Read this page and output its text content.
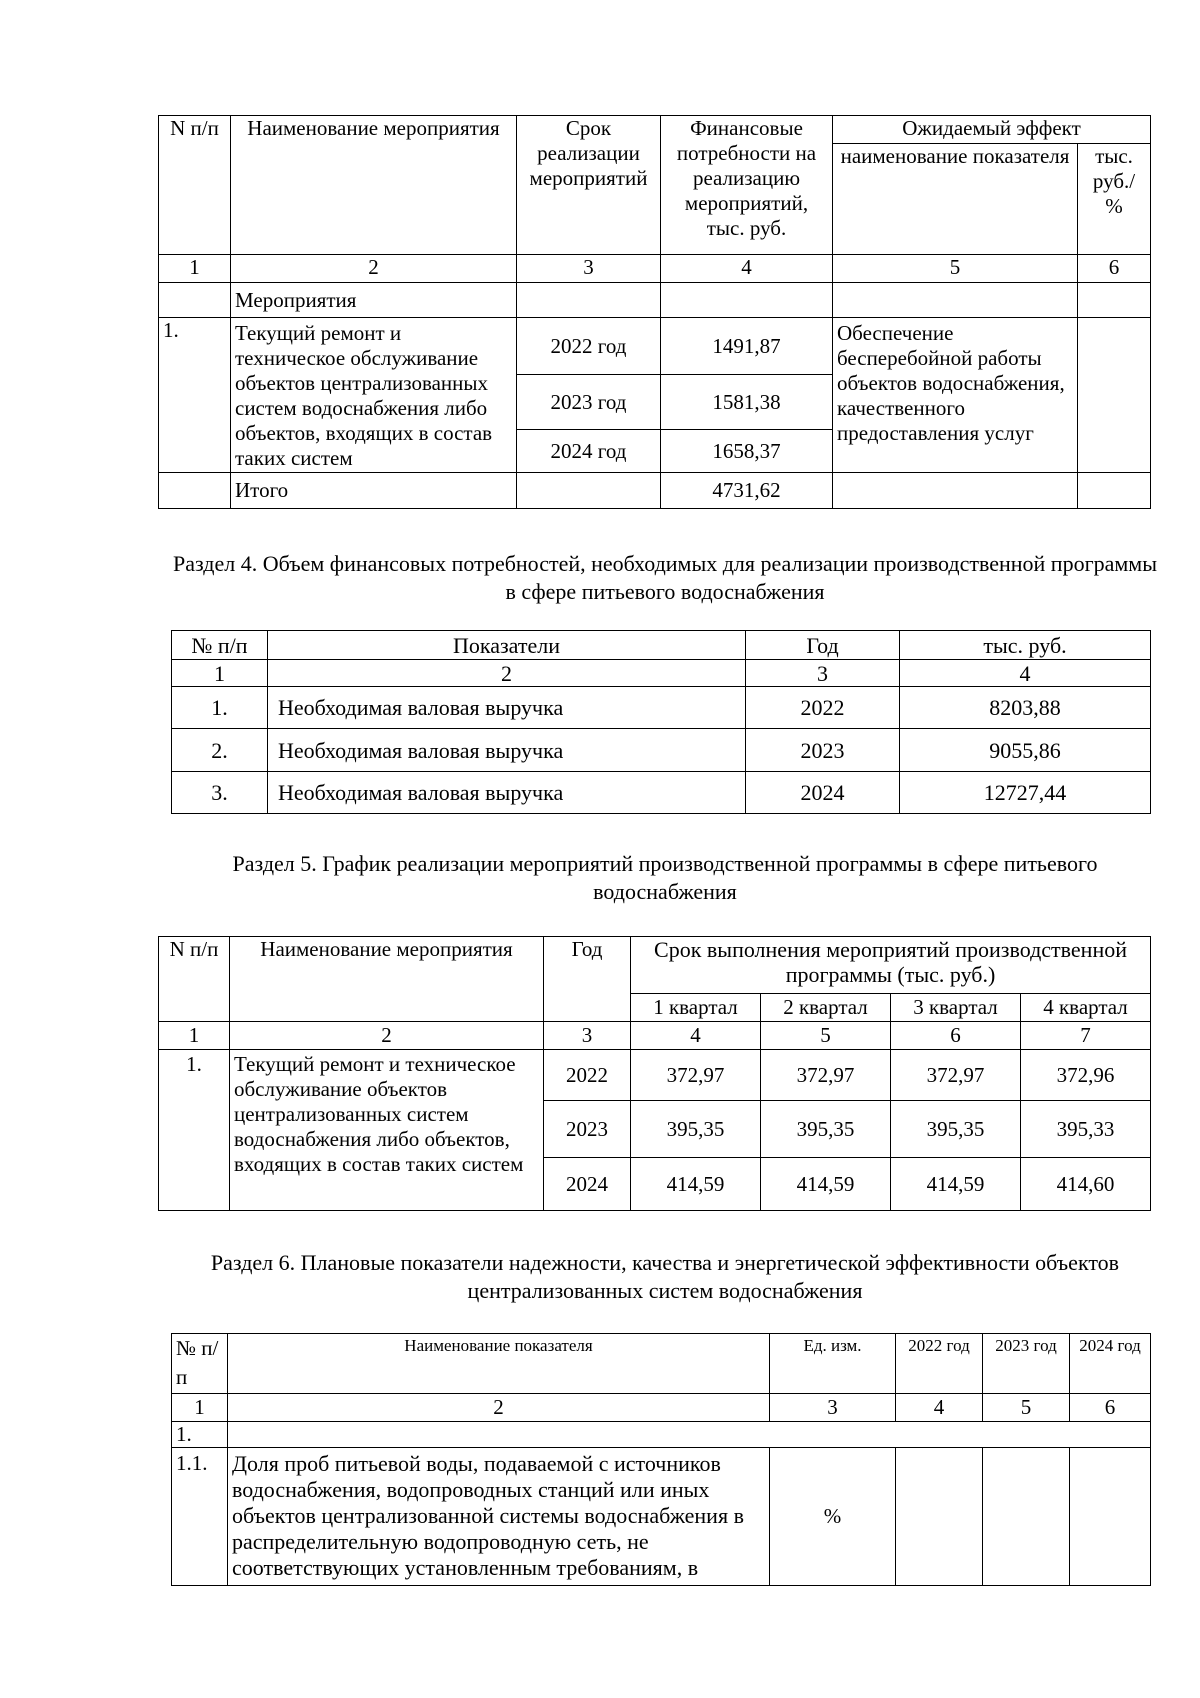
N п/п	Наименование мероприятия	Срок реализации мероприятий	Финансовые потребности на реализацию мероприятий, тыс. руб.	Ожидаемый эффект	
				наименование показателя	тыс. руб./ %
1	2	3	4	5	6
	Мероприятия				
1.	Текущий ремонт и техническое обслуживание объектов централизованных систем водоснабжения либо объектов, входящих в состав таких систем	2022 год	1491,87	Обеспечение бесперебойной работы объектов водоснабжения, качественного предоставления услуг	
		2023 год	1581,38		
		2024 год	1658,37		
	Итого		4731,62		
Раздел 4. Объем финансовых потребностей, необходимых для реализации производственной программы в сфере питьевого водоснабжения
№ п/п	Показатели	Год	тыс. руб.
1	2	3	4
1.	Необходимая валовая выручка	2022	8203,88
2.	Необходимая валовая выручка	2023	9055,86
3.	Необходимая валовая выручка	2024	12727,44
Раздел 5. График реализации мероприятий производственной программы в сфере питьевого водоснабжения
N п/п	Наименование мероприятия	Год	Срок выполнения мероприятий производственной программы (тыс. руб.)			
			1 квартал	2 квартал	3 квартал	4 квартал
1	2	3	4	5	6	7
1.	Текущий ремонт и техническое обслуживание объектов централизованных систем водоснабжения либо объектов, входящих в состав таких систем	2022	372,97	372,97	372,97	372,96
		2023	395,35	395,35	395,35	395,33
		2024	414,59	414,59	414,59	414,60
Раздел 6. Плановые показатели надежности, качества и энергетической эффективности объектов централизованных систем водоснабжения
№ п/п	Наименование показателя	Ед. изм.	2022 год	2023 год	2024 год
1	2	3	4	5	6
1.					
1.1.	Доля проб питьевой воды, подаваемой с источников водоснабжения, водопроводных станций или иных объектов централизованной системы водоснабжения в распределительную водопроводную сеть, не соответствующих установленным требованиям, в	%			
